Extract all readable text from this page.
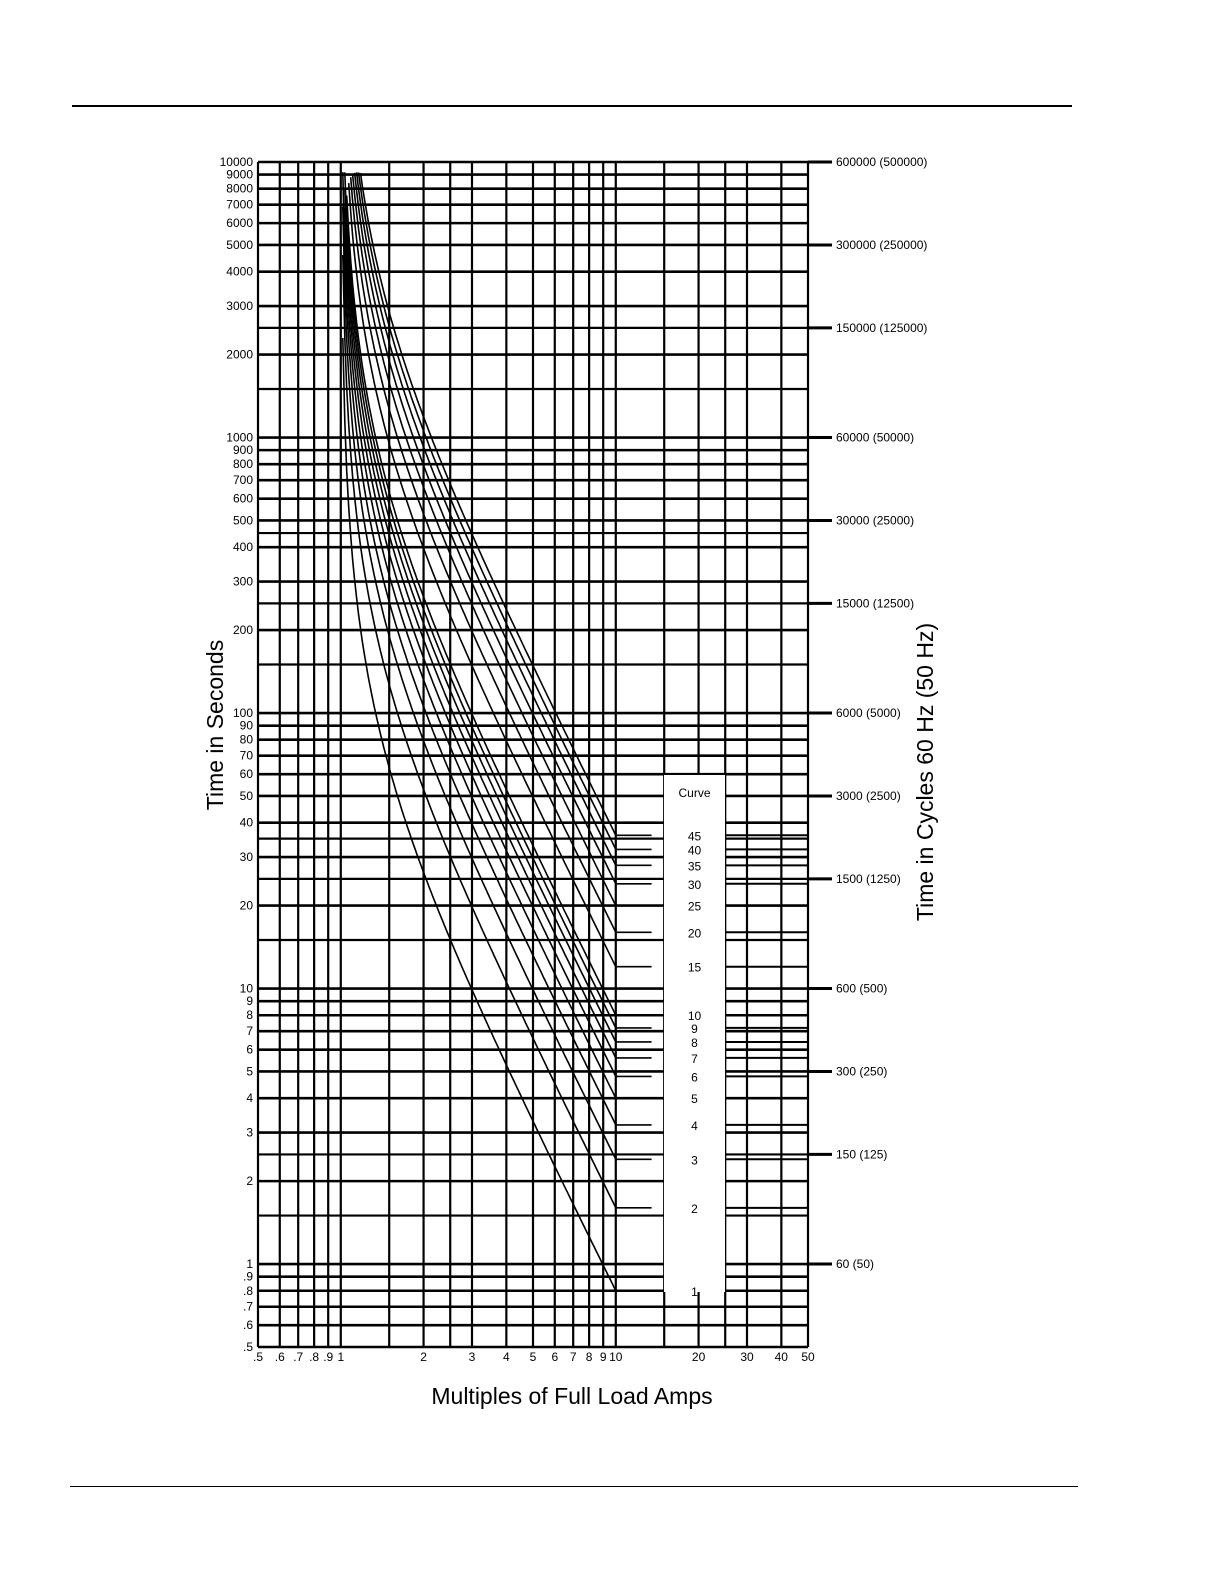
Curve
45
40
35
30
25
20
15
10
9
8
7
6
5
4
3
2
1
.5 .6 .7 .8 .9 1	2	3 4 5 6 7 8 9 10	20	30 40 50
10000
9000
8000
7000
6000
5000
4000
3000
2000
1000
900
800
700
600
500
400
300
200
100
90
80
70
60
50
40
30
20
10
9
8
7
6
5
4
3
2
1
.9
.8
.7
.6
.5
600000 (500000)
300000 (250000)
150000 (125000)
60000 (50000)
30000 (25000)
15000 (12500)
6000 (5000)
3000 (2500)
1500 (1250)
600 (500)
300 (250)
150 (125)
60 (50)
Multiples of Full Load Amps
Time in Seconds	Time in Cycles 60 Hz (50 Hz)
